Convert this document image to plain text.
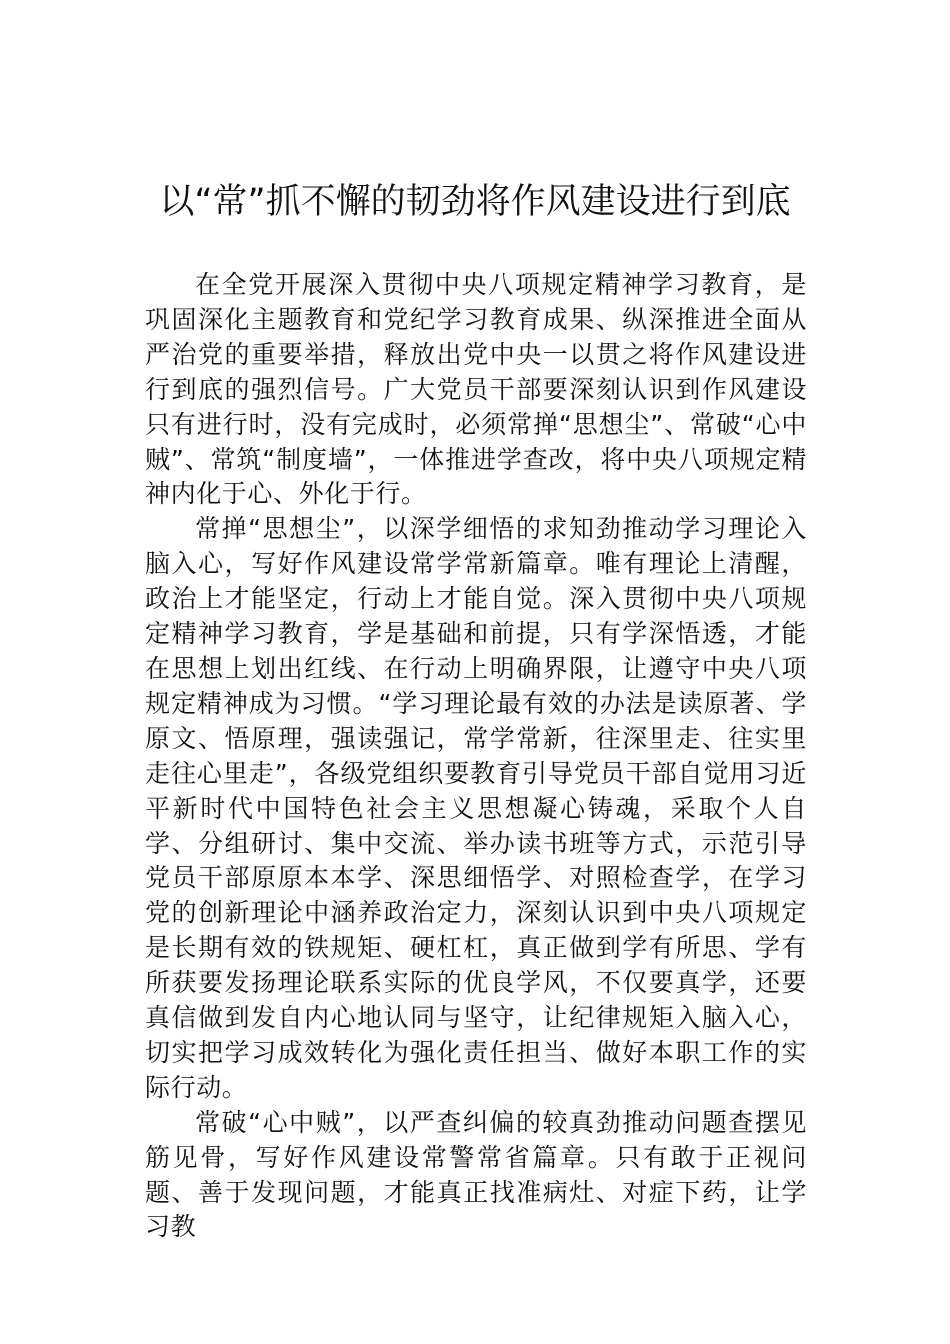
以“常”抓不懈的韧劲将作风建设进行到底

在全党开展深入贯彻中央八项规定精神学习教育，是巩固深化主题教育和党纪学习教育成果、纵深推进全面从严治党的重要举措，释放出党中央一以贯之将作风建设进行到底的强烈信号。广大党员干部要深刻认识到作风建设只有进行时，没有完成时，必须常掸“思想尘”、常破“心中贼”、常筑“制度墙”，一体推进学查改，将中央八项规定精神内化于心、外化于行。

常掸“思想尘”，以深学细悟的求知劲推动学习理论入脑入心，写好作风建设常学常新篇章。唯有理论上清醒，政治上才能坚定，行动上才能自觉。深入贯彻中央八项规定精神学习教育，学是基础和前提，只有学深悟透，才能在思想上划出红线、在行动上明确界限，让遵守中央八项规定精神成为习惯。“学习理论最有效的办法是读原著、学原文、悟原理，强读强记，常学常新，往深里走、往实里走往心里走”，各级党组织要教育引导党员干部自觉用习近平新时代中国特色社会主义思想凝心铸魂，采取个人自学、分组研讨、集中交流、举办读书班等方式，示范引导党员干部原原本本学、深思细悟学、对照检查学，在学习党的创新理论中涵养政治定力，深刻认识到中央八项规定是长期有效的铁规矩、硬杠杠，真正做到学有所思、学有所获要发扬理论联系实际的优良学风，不仅要真学，还要真信做到发自内心地认同与坚守，让纪律规矩入脑入心，切实把学习成效转化为强化责任担当、做好本职工作的实际行动。

常破“心中贼”，以严查纠偏的较真劲推动问题查摆见筋见骨，写好作风建设常警常省篇章。只有敢于正视问题、善于发现问题，才能真正找准病灶、对症下药，让学习教
